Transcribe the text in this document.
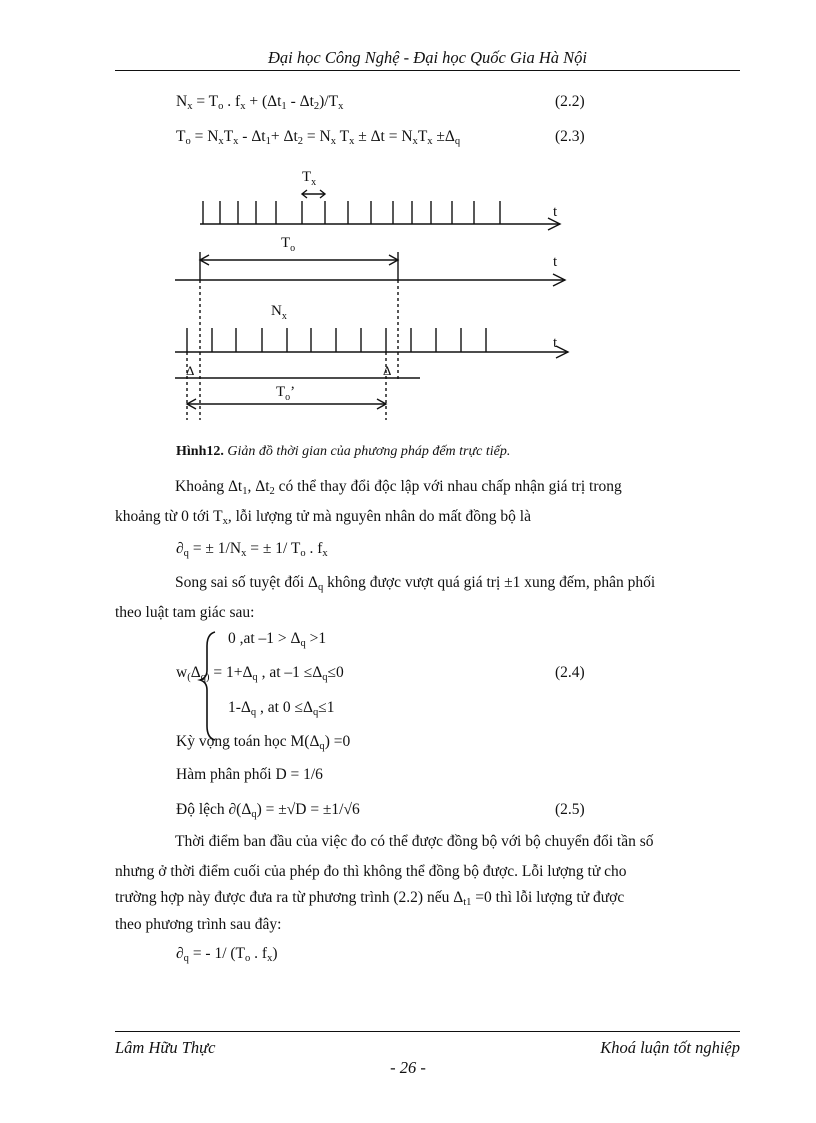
Đại học Công Nghệ - Đại học Quốc Gia Hà Nội
$N_x = T_o$ . $f_x + (\Delta t_1 - \Delta t_2)/T_x$	(2.2)
$T_o = N_xT_x - \Delta t_1+ \Delta t_2 = N_x$ $T_x \pm \Delta t = N_xT_x \pm\Delta_q$	(2.3)
$T_x$
t
$T_o$
t
$N_x$
t
Δ	Δ
$T_o$’
Hình12. Giản đồ thời gian của phương pháp đếm trực tiếp.
Khoảng $\Delta t_1$, $\Delta t_2$ có thể thay đổi độc lập với nhau chấp nhận giá trị trong
khoảng từ 0 tới $T_x$, lỗi lượng tử mà nguyên nhân do mất đồng bộ là
$\partial_q$ = ± $1/N_x$ = ± 1/ $T_o$ . $f_x$
Song sai số tuyệt đối $\Delta_q$ không được vượt quá giá trị ±1 xung đếm, phân phối
theo luật tam giác sau:
0 ,at $-1 > \Delta_q >1$
$w_(\Delta_{q)} = 1+\Delta_q$ , at $-1 \le\Delta_q\le 0$	(2.4)
$1-\Delta_q$ , at $0 \le\Delta_q\le 1$
Kỳ vọng toán học $M(\Delta_q) =0$
Hàm phân phối D = 1/6
Độ lệch $\partial(\Delta_q) = \pm√D = \pm 1/√6$	(2.5)
Thời điểm ban đầu của việc đo có thể được đồng bộ với bộ chuyển đổi tần số
nhưng ở thời điểm cuối của phép đo thì không thể đồng bộ được. Lỗi lượng tử cho
trường hợp này được đưa ra từ phương trình (2.2) nếu $\Delta_{t1} =0$ thì lỗi lượng tử được
theo phương trình sau đây:
$\partial_q$ = - 1/ ($T_o$ . $f_x$)
Lâm Hữu Thực	Khoá luận tốt nghiệp
- 26 -
